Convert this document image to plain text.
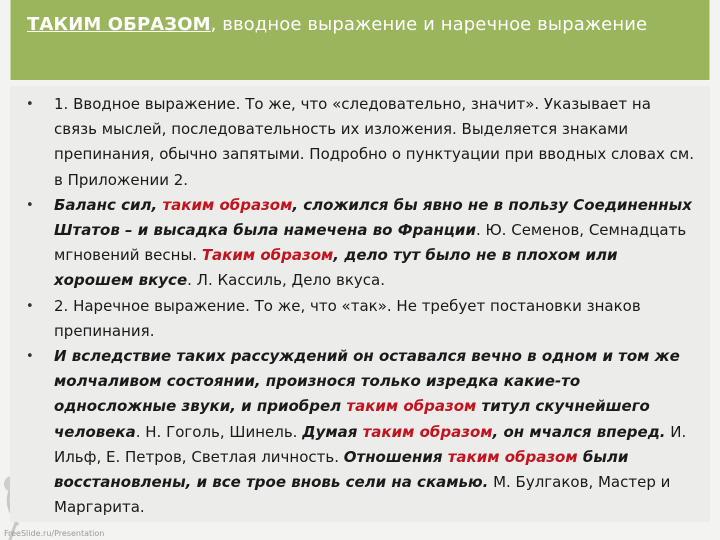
ТАКИМ ОБРАЗОМ, вводное выражение и наречное выражение
• 1. Вводное выражение. То же, что «следовательно, значит». Указывает на связь мыслей, последовательность их изложения. Выделяется знаками препинания, обычно запятыми. Подробно о пунктуации при вводных словах см. в Приложении 2.
• Баланс сил, таким образом, сложился бы явно не в пользу Соединенных Штатов – и высадка была намечена во Франции. Ю. Семенов, Семнадцать мгновений весны. Таким образом, дело тут было не в плохом или хорошем вкусе. Л. Кассиль, Дело вкуса.
• 2. Наречное выражение. То же, что «так». Не требует постановки знаков препинания.
• И вследствие таких рассуждений он оставался вечно в одном и том же молчаливом состоянии, произнося только изредка какие-то односложные звуки, и приобрел таким образом титул скучнейшего человека. Н. Гоголь, Шинель. Думая таким образом, он мчался вперед. И. Ильф, Е. Петров, Светлая личность. Отношения таким образом были восстановлены, и все трое вновь сели на скамью. М. Булгаков, Мастер и Маргарита.
FreeSlide.ru/Presentation
